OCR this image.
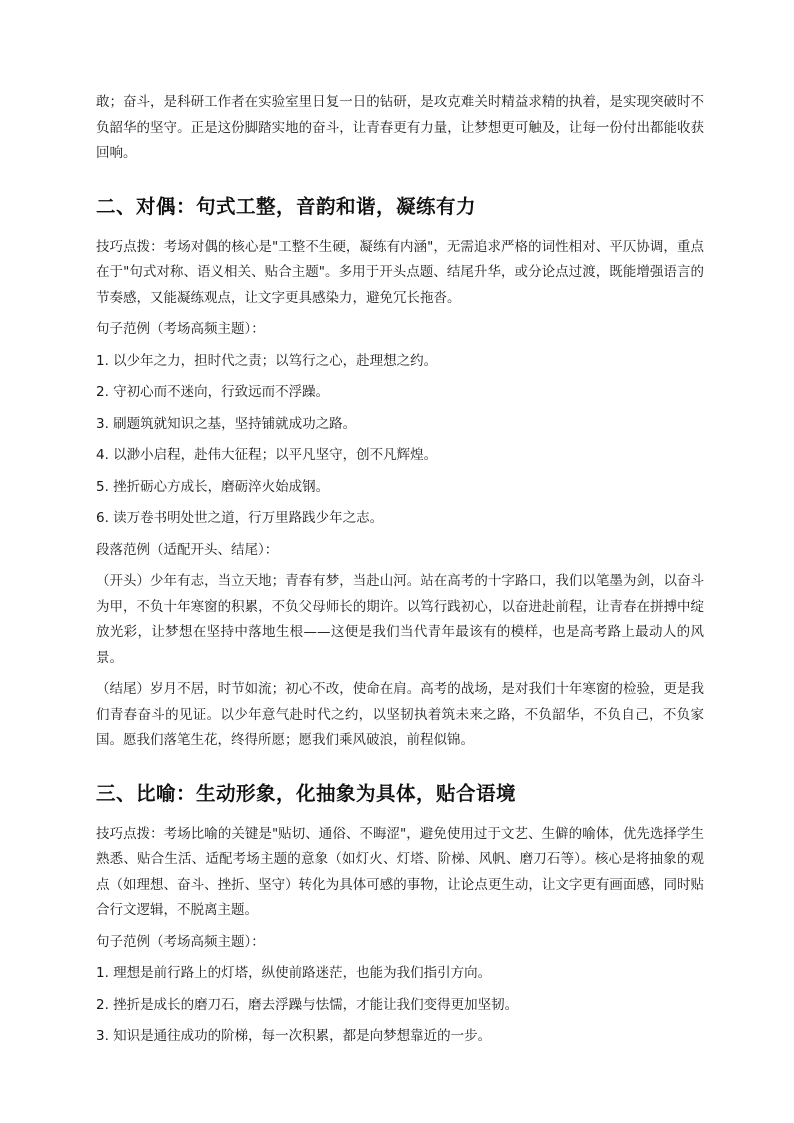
敢；奋斗，是科研工作者在实验室里日复一日的钻研，是攻克难关时精益求精的执着，是实现突破时不负韶华的坚守。正是这份脚踏实地的奋斗，让青春更有力量，让梦想更可触及，让每一份付出都能收获回响。

二、对偶：句式工整，音韵和谐，凝练有力

技巧点拨：考场对偶的核心是"工整不生硬，凝练有内涵"，无需追求严格的词性相对、平仄协调，重点在于"句式对称、语义相关、贴合主题"。多用于开头点题、结尾升华，或分论点过渡，既能增强语言的节奏感，又能凝练观点，让文字更具感染力，避免冗长拖沓。

句子范例（考场高频主题）：

1. 以少年之力，担时代之责；以笃行之心，赴理想之约。

2. 守初心而不迷向，行致远而不浮躁。

3. 刷题筑就知识之基，坚持铺就成功之路。

4. 以渺小启程，赴伟大征程；以平凡坚守，创不凡辉煌。

5. 挫折砺心方成长，磨砺淬火始成钢。

6. 读万卷书明处世之道，行万里路践少年之志。

段落范例（适配开头、结尾）：

（开头）少年有志，当立天地；青春有梦，当赴山河。站在高考的十字路口，我们以笔墨为剑，以奋斗为甲，不负十年寒窗的积累，不负父母师长的期许。以笃行践初心，以奋进赴前程，让青春在拼搏中绽放光彩，让梦想在坚持中落地生根——这便是我们当代青年最该有的模样，也是高考路上最动人的风景。

（结尾）岁月不居，时节如流；初心不改，使命在肩。高考的战场，是对我们十年寒窗的检验，更是我们青春奋斗的见证。以少年意气赴时代之约，以坚韧执着筑未来之路，不负韶华，不负自己，不负家国。愿我们落笔生花，终得所愿；愿我们乘风破浪，前程似锦。

三、比喻：生动形象，化抽象为具体，贴合语境

技巧点拨：考场比喻的关键是"贴切、通俗、不晦涩"，避免使用过于文艺、生僻的喻体，优先选择学生熟悉、贴合生活、适配考场主题的意象（如灯火、灯塔、阶梯、风帆、磨刀石等）。核心是将抽象的观点（如理想、奋斗、挫折、坚守）转化为具体可感的事物，让论点更生动，让文字更有画面感，同时贴合行文逻辑，不脱离主题。

句子范例（考场高频主题）：

1. 理想是前行路上的灯塔，纵使前路迷茫，也能为我们指引方向。

2. 挫折是成长的磨刀石，磨去浮躁与怯懦，才能让我们变得更加坚韧。

3. 知识是通往成功的阶梯，每一次积累，都是向梦想靠近的一步。
